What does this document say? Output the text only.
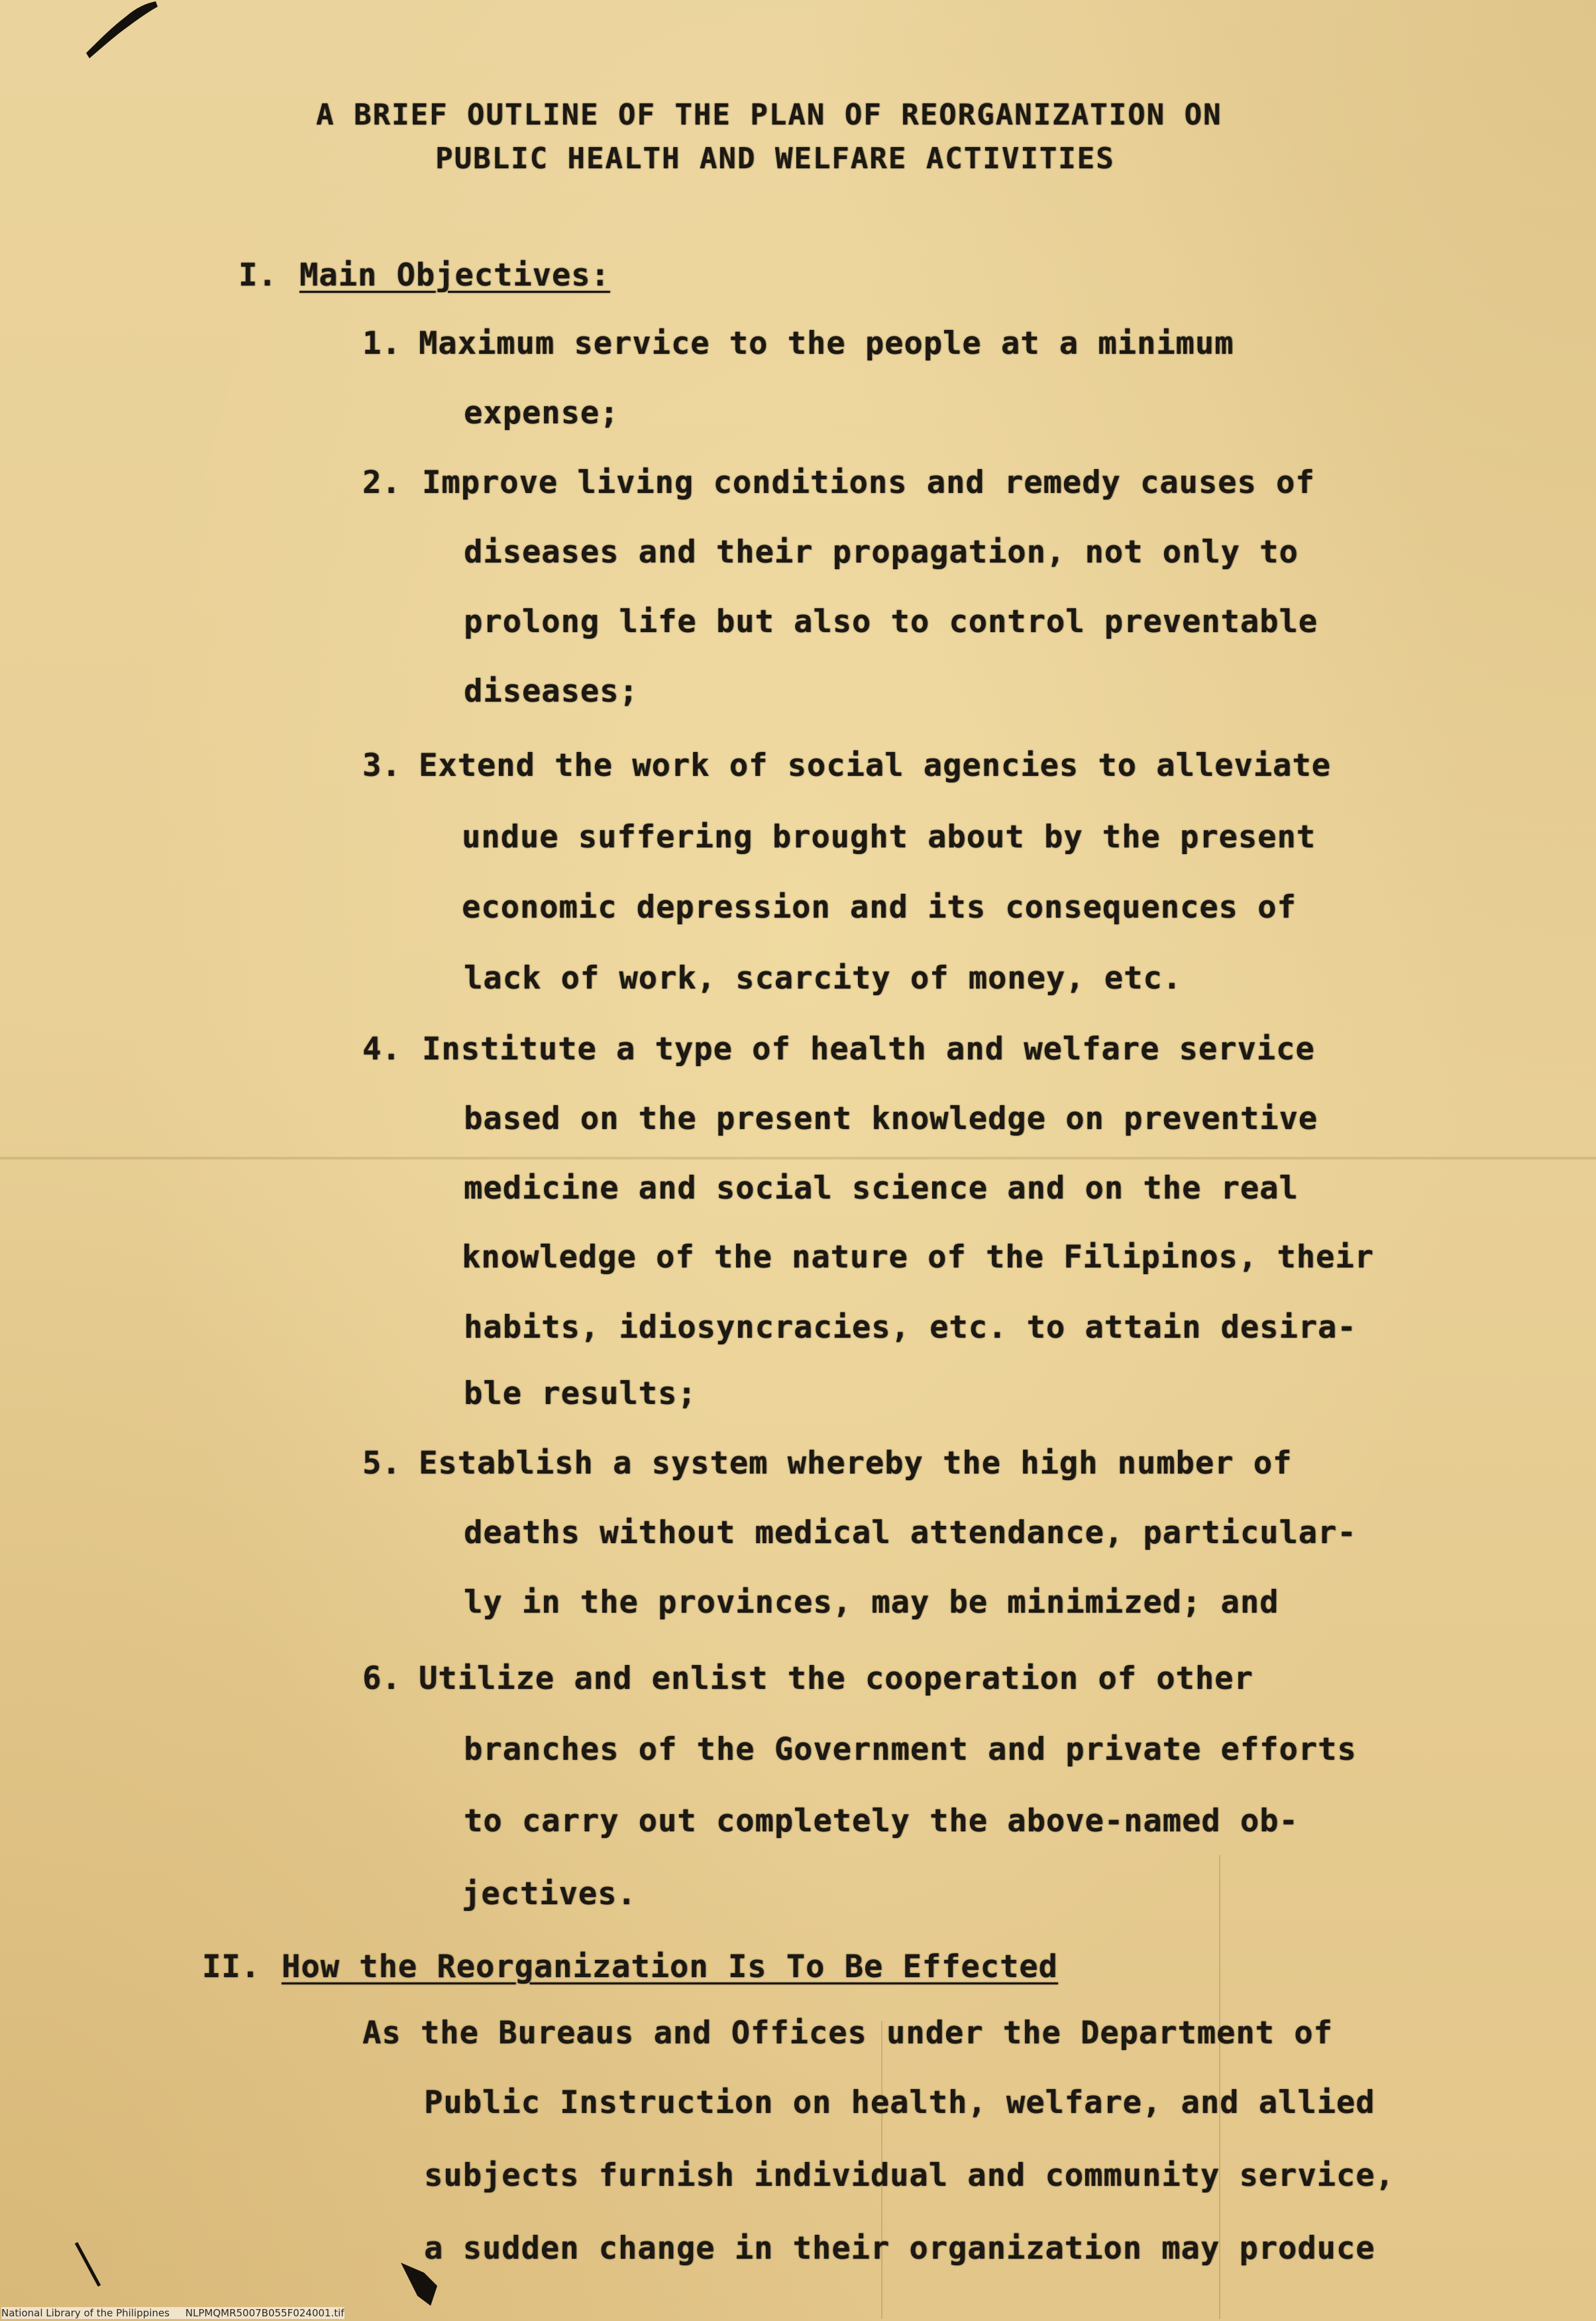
A BRIEF OUTLINE OF THE PLAN OF REORGANIZATION ON
PUBLIC HEALTH AND WELFARE ACTIVITIES
I. Main Objectives:
1. Maximum service to the people at a minimum
expense;
2. Improve living conditions and remedy causes of
diseases and their propagation, not only to
prolong life but also to control preventable
diseases;
3. Extend the work of social agencies to alleviate
undue suffering brought about by the present
economic depression and its consequences of
lack of work, scarcity of money, etc.
4. Institute a type of health and welfare service
based on the present knowledge on preventive
medicine and social science and on the real
knowledge of the nature of the Filipinos, their
habits, idiosyncracies, etc. to attain desira-
ble results;
5. Establish a system whereby the high number of
deaths without medical attendance, particular-
ly in the provinces, may be minimized; and
6. Utilize and enlist the cooperation of other
branches of the Government and private efforts
to carry out completely the above-named ob-
jectives.
II. How the Reorganization Is To Be Effected
As the Bureaus and Offices under the Department of
Public Instruction on health, welfare, and allied
subjects furnish individual and community service,
a sudden change in their organization may produce
National Library of the Philippines     NLPMQMR5007B055F024001.tif
